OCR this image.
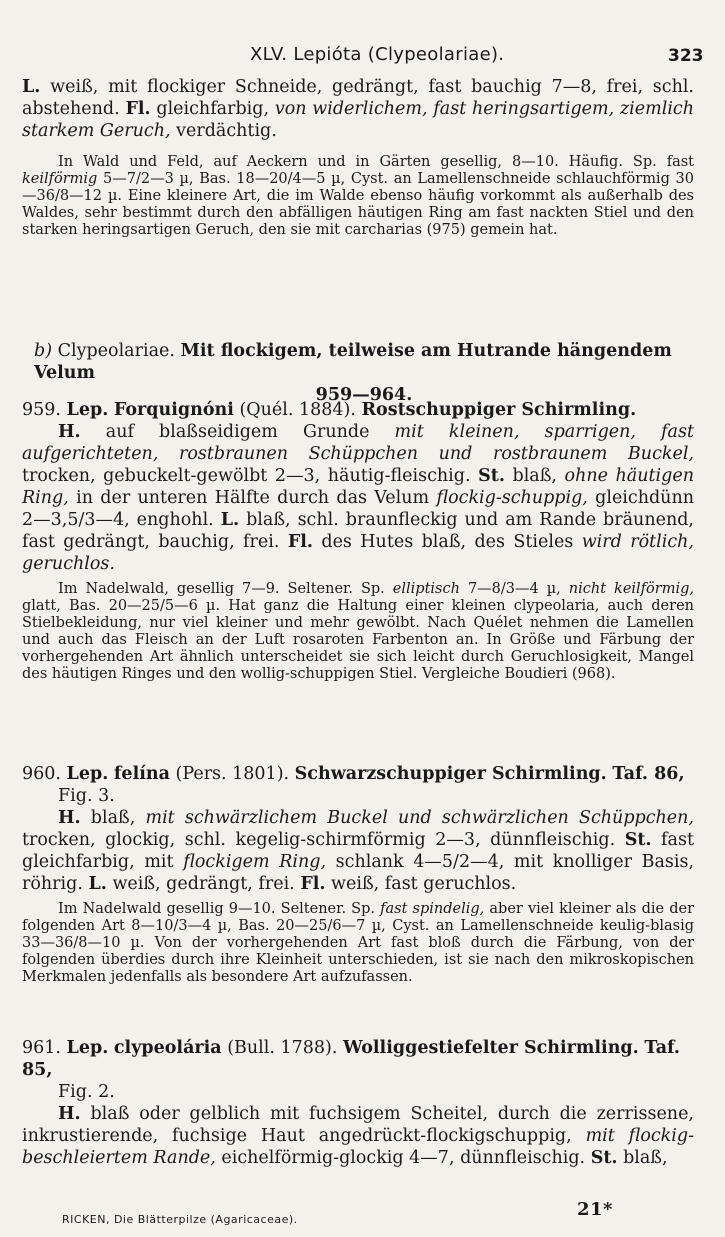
XLV. Lepióta (Clypeolariae).	323
L. weiß, mit flockiger Schneide, gedrängt, fast bauchig 7—8, frei, schl. abstehend. Fl. gleichfarbig, von widerlichem, fast heringsartigem, ziemlich starkem Geruch, verdächtig.
In Wald und Feld, auf Aeckern und in Gärten gesellig, 8—10. Häufig. Sp. fast keilförmig 5—7/2—3 µ, Bas. 18—20/4—5 µ, Cyst. an Lamellenschneide schlauchförmig 30—36/8—12 µ. Eine kleinere Art, die im Walde ebenso häufig vorkommt als außerhalb des Waldes, sehr bestimmt durch den abfälligen häutigen Ring am fast nackten Stiel und den starken heringsartigen Geruch, den sie mit carcharias (975) gemein hat.
b) Clypeolariae. Mit flockigem, teilweise am Hutrande hängendem Velum
959—964.
959. Lep. Forquignóni (Quél. 1884). Rostschuppiger Schirmling.
H. auf blaßseidigem Grunde mit kleinen, sparrigen, fast aufgerichteten, rostbraunen Schüppchen und rostbraunem Buckel, trocken, gebuckelt-gewölbt 2—3, häutig-fleischig. St. blaß, ohne häutigen Ring, in der unteren Hälfte durch das Velum flockig-schuppig, gleichdünn 2—3,5/3—4, enghohl. L. blaß, schl. braunfleckig und am Rande bräunend, fast gedrängt, bauchig, frei. Fl. des Hutes blaß, des Stieles wird rötlich, geruchlos.
Im Nadelwald, gesellig 7—9. Seltener. Sp. elliptisch 7—8/3—4 µ, nicht keilförmig, glatt, Bas. 20—25/5—6 µ. Hat ganz die Haltung einer kleinen clypeolaria, auch deren Stielbekleidung, nur viel kleiner und mehr gewölbt. Nach Quélet nehmen die Lamellen und auch das Fleisch an der Luft rosaroten Farbenton an. In Größe und Färbung der vorhergehenden Art ähnlich unterscheidet sie sich leicht durch Geruchlosigkeit, Mangel des häutigen Ringes und den wollig-schuppigen Stiel. Vergleiche Boudieri (968).
960. Lep. felína (Pers. 1801). Schwarzschuppiger Schirmling. Taf. 86,
Fig. 3.
H. blaß, mit schwärzlichem Buckel und schwärzlichen Schüppchen, trocken, glockig, schl. kegelig-schirmförmig 2—3, dünnfleischig. St. fast gleichfarbig, mit flockigem Ring, schlank 4—5/2—4, mit knolliger Basis, röhrig. L. weiß, gedrängt, frei. Fl. weiß, fast geruchlos.
Im Nadelwald gesellig 9—10. Seltener. Sp. fast spindelig, aber viel kleiner als die der folgenden Art 8—10/3—4 µ, Bas. 20—25/6—7 µ, Cyst. an Lamellenschneide keulig-blasig 33—36/8—10 µ. Von der vorhergehenden Art fast bloß durch die Färbung, von der folgenden überdies durch ihre Kleinheit unterschieden, ist sie nach den mikroskopischen Merkmalen jedenfalls als besondere Art aufzufassen.
961. Lep. clypeolária (Bull. 1788). Wolliggestiefelter Schirmling. Taf. 85,
Fig. 2.
H. blaß oder gelblich mit fuchsigem Scheitel, durch die zerrissene, inkrustierende, fuchsige Haut angedrückt-flockigschuppig, mit flockig-beschleiertem Rande, eichelförmig-glockig 4—7, dünnfleischig. St. blaß,
RICKEN, Die Blätterpilze (Agaricaceae).	21*
